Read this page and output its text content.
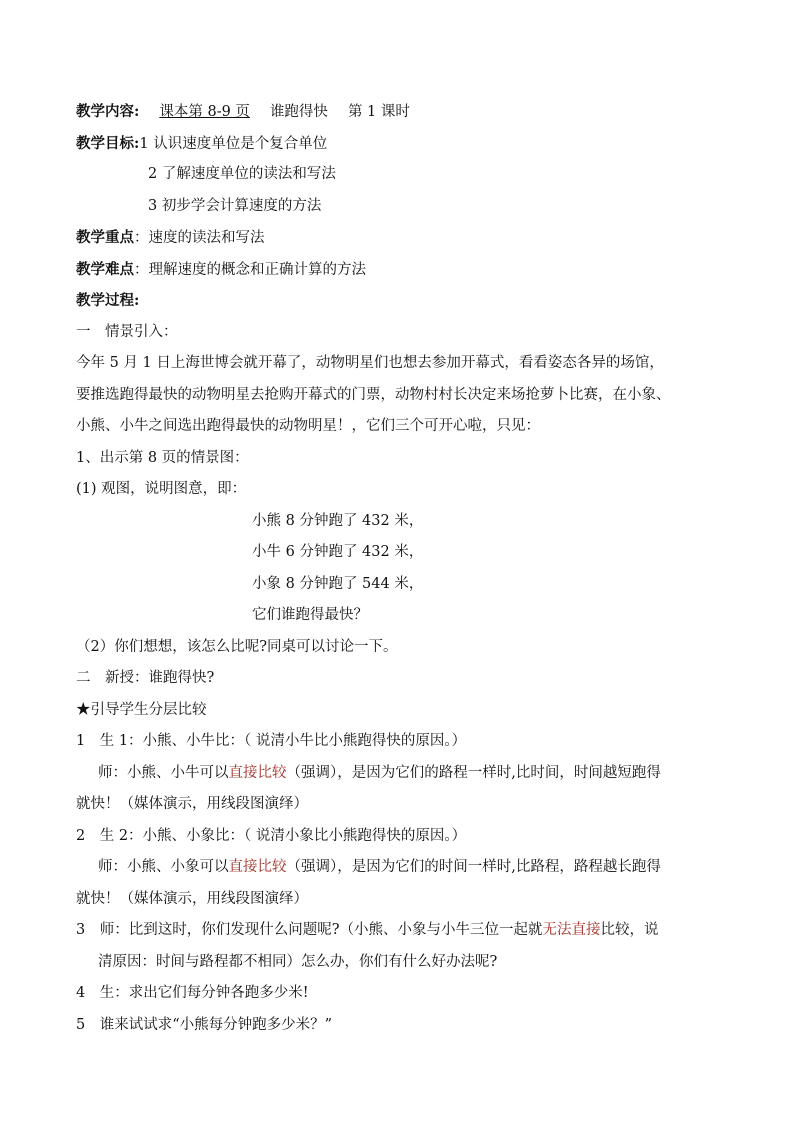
教学内容: 课本第 8-9 页 谁跑得快 第 1 课时
教学目标:1 认识速度单位是个复合单位
2 了解速度单位的读法和写法
3 初步学会计算速度的方法
教学重点：速度的读法和写法
教学难点：理解速度的概念和正确计算的方法
教学过程:
一　情景引入：
今年 5 月 1 日上海世博会就开幕了，动物明星们也想去参加开幕式，看看姿态各异的场馆，
要推选跑得最快的动物明星去抢购开幕式的门票，动物村村长决定来场抢萝卜比赛，在小象、
小熊、小牛之间选出跑得最快的动物明星！，它们三个可开心啦，只见：
1、出示第 8 页的情景图：
(1) 观图，说明图意，即：
小熊 8 分钟跑了 432 米，
小牛 6 分钟跑了 432 米，
小象 8 分钟跑了 544 米，
它们谁跑得最快？
（2）你们想想，该怎么比呢?同桌可以讨论一下。
二　新授：谁跑得快?
★引导学生分层比较
1　生 1：小熊、小牛比：（ 说清小牛比小熊跑得快的原因。）
师：小熊、小牛可以直接比较（强调），是因为它们的路程一样时,比时间，时间越短跑得
就快！（媒体演示，用线段图演绎）
2　生 2：小熊、小象比：（ 说清小象比小熊跑得快的原因。）
师：小熊、小象可以直接比较（强调），是因为它们的时间一样时,比路程，路程越长跑得
就快！（媒体演示，用线段图演绎）
3　师：比到这时，你们发现什么问题呢?（小熊、小象与小牛三位一起就无法直接比较，说
清原因：时间与路程都不相同）怎么办，你们有什么好办法呢?
4　生：求出它们每分钟各跑多少米!
5　谁来试试求“小熊每分钟跑多少米？”
